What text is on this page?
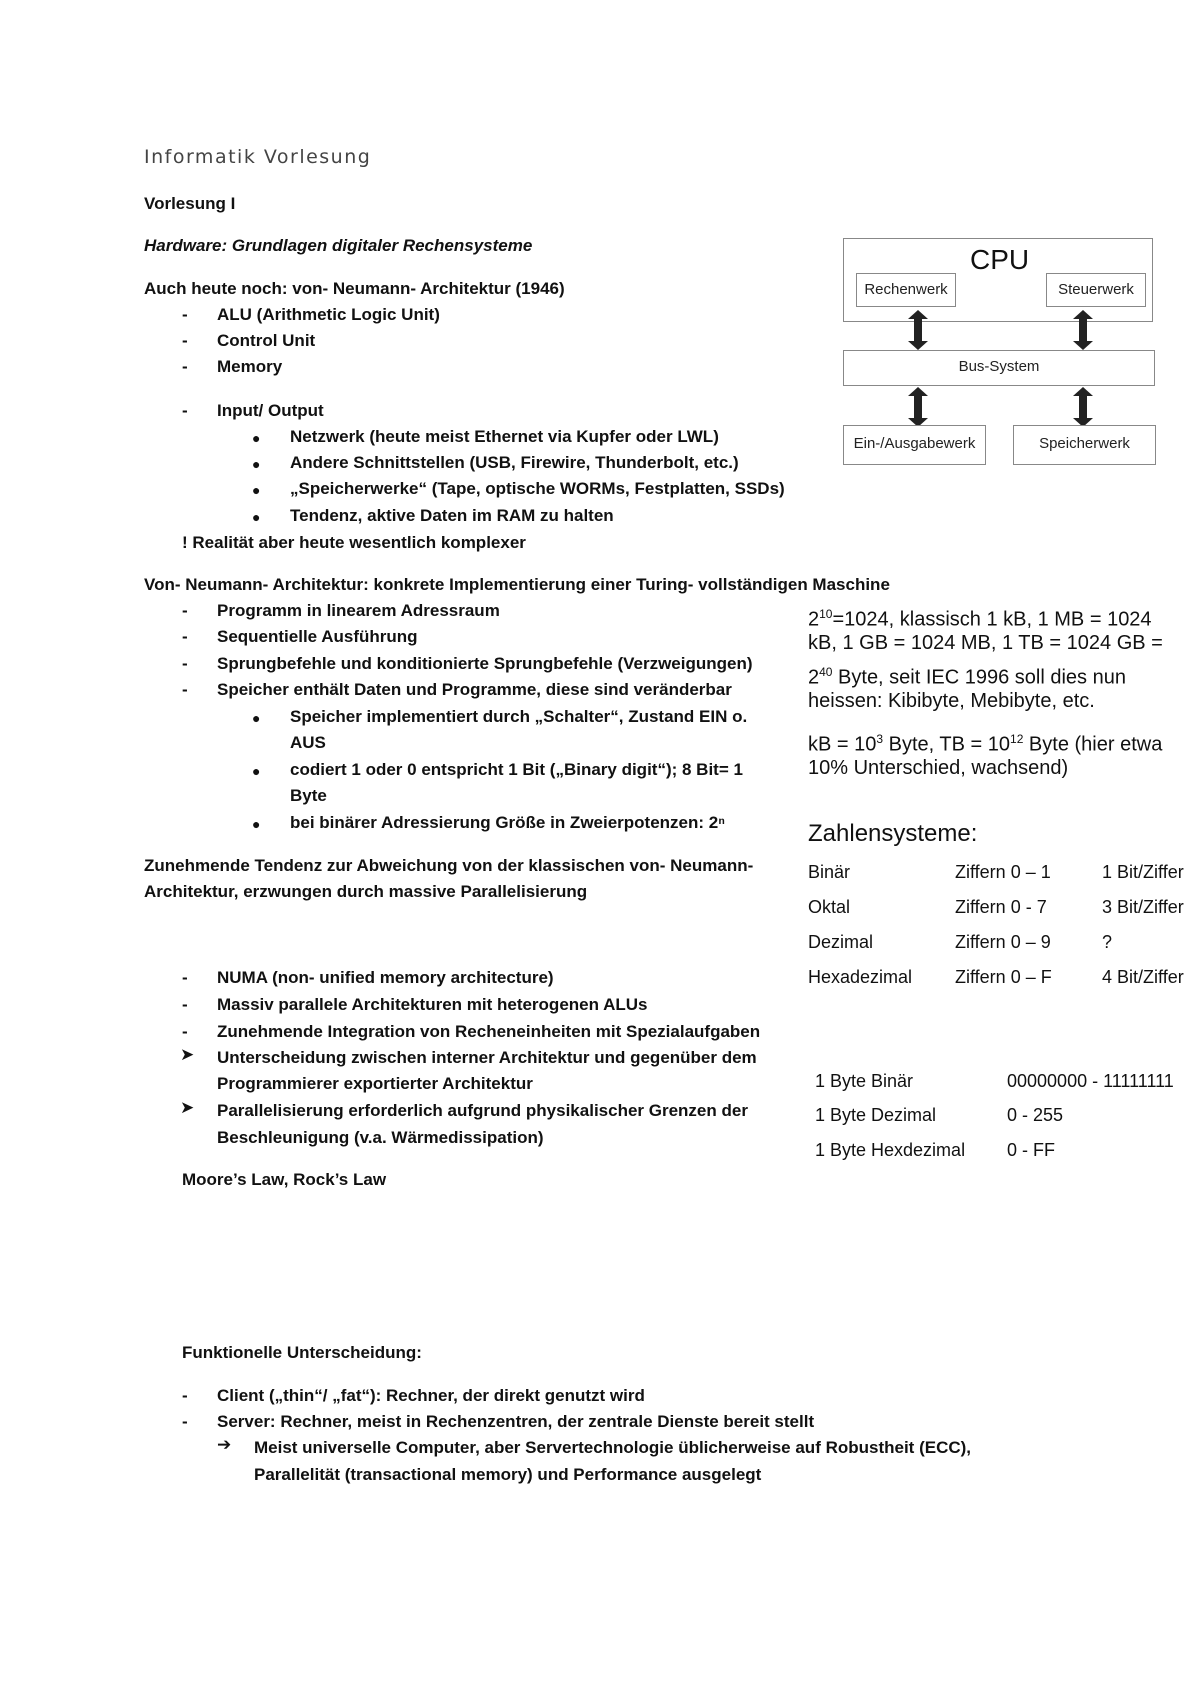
Informatik Vorlesung
Vorlesung I
Hardware: Grundlagen digitaler Rechensysteme
Auch heute noch: von- Neumann- Architektur (1946)
- ALU (Arithmetic Logic Unit)
- Control Unit
- Memory
- Input/ Output
● Netzwerk (heute meist Ethernet via Kupfer oder LWL)
● Andere Schnittstellen (USB, Firewire, Thunderbolt, etc.)
● „Speicherwerke“ (Tape, optische WORMs, Festplatten, SSDs)
● Tendenz, aktive Daten im RAM zu halten
! Realität aber heute wesentlich komplexer
Von- Neumann- Architektur: konkrete Implementierung einer Turing- vollständigen Maschine
- Programm in linearem Adressraum
- Sequentielle Ausführung
- Sprungbefehle und konditionierte Sprungbefehle (Verzweigungen)
- Speicher enthält Daten und Programme, diese sind veränderbar
● Speicher implementiert durch „Schalter“, Zustand EIN o.
AUS
● codiert 1 oder 0 entspricht 1 Bit („Binary digit“); 8 Bit= 1
Byte
● bei binärer Adressierung Größe in Zweierpotenzen: 2ⁿ
Zunehmende Tendenz zur Abweichung von der klassischen von- Neumann-
Architektur, erzwungen durch massive Parallelisierung
- NUMA (non- unified memory architecture)
- Massiv parallele Architekturen mit heterogenen ALUs
- Zunehmende Integration von Recheneinheiten mit Spezialaufgaben
➤ Unterscheidung zwischen interner Architektur und gegenüber dem
Programmierer exportierter Architektur
➤ Parallelisierung erforderlich aufgrund physikalischer Grenzen der
Beschleunigung (v.a. Wärmedissipation)
Moore’s Law, Rock’s Law
Funktionelle Unterscheidung:
- Client („thin“/ „fat“): Rechner, der direkt genutzt wird
- Server: Rechner, meist in Rechenzentren, der zentrale Dienste bereit stellt
➔ Meist universelle Computer, aber Servertechnologie üblicherweise auf Robustheit (ECC),
Parallelität (transactional memory) und Performance ausgelegt
CPU
Rechenwerk	Steuerwerk
Bus-System
Ein-/Ausgabewerk	Speicherwerk
$2^{10}=1024$, klassisch 1 kB, 1 MB = 1024
kB, 1 GB = 1024 MB, 1 TB = 1024 GB =
$2^{40}$ Byte, seit IEC 1996 soll dies nun
heissen: Kibibyte, Mebibyte, etc.
kB = $10^3$ Byte, TB = $10^{12}$ Byte (hier etwa
10% Unterschied, wachsend)
Zahlensysteme:
Binär	Ziffern 0 – 1	1 Bit/Ziffer
Oktal	Ziffern 0 - 7	3 Bit/Ziffer
Dezimal	Ziffern 0 – 9	?
Hexadezimal Ziffern 0 – F	4 Bit/Ziffer
1 Byte Binär	00000000 - 11111111
1 Byte Dezimal	0 - 255
1 Byte Hexdezimal 0 - FF
